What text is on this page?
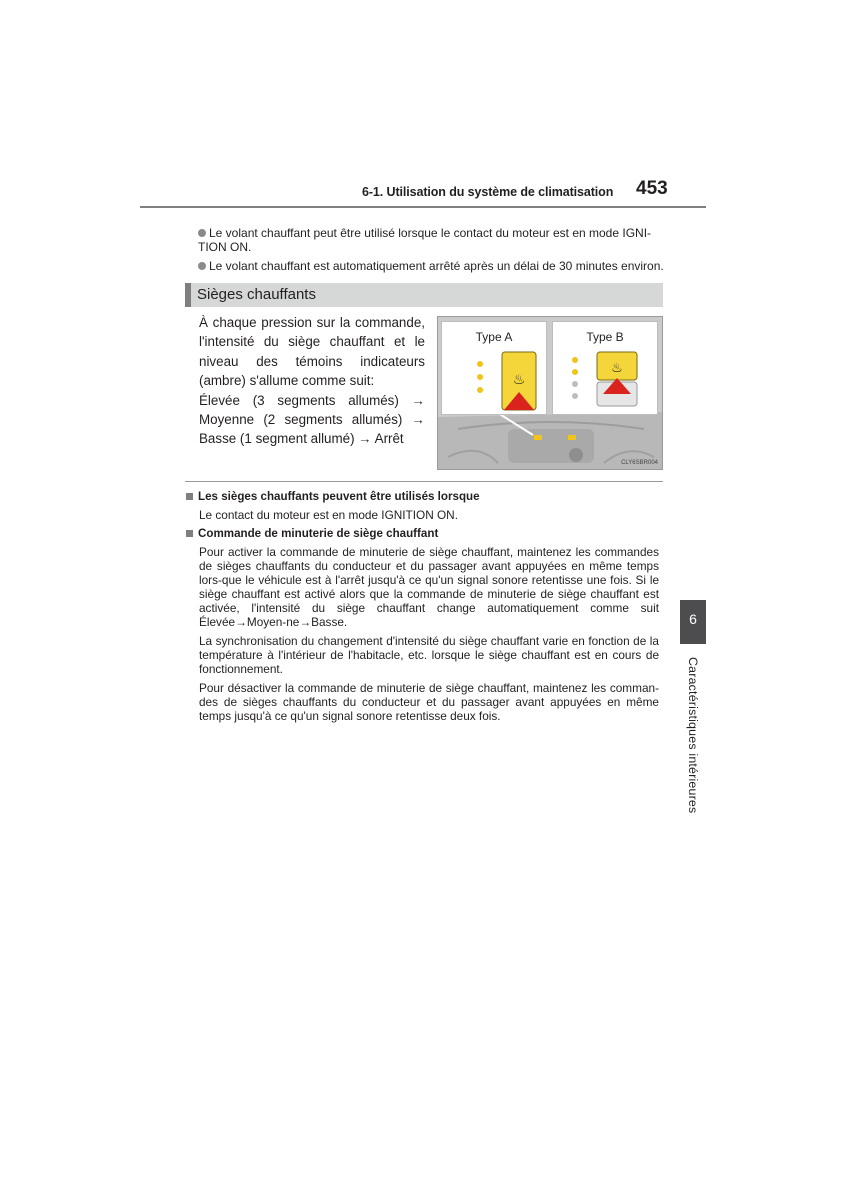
6-1. Utilisation du système de climatisation 453
Le volant chauffant peut être utilisé lorsque le contact du moteur est en mode IGNI-TION ON.
Le volant chauffant est automatiquement arrêté après un délai de 30 minutes environ.
Sièges chauffants

À chaque pression sur la commande, l'intensité du siège chauffant et le niveau des témoins indicateurs (ambre) s'allume comme suit:

Élevée (3 segments allumés) →

Moyenne (2 segments allumés) →

Basse (1 segment allumé) → Arrêt

Type A
♨
Type B
♨
CLY6SBR004
Les sièges chauffants peuvent être utilisés lorsque

Le contact du moteur est en mode IGNITION ON.

Commande de minuterie de siège chauffant

Pour activer la commande de minuterie de siège chauffant, maintenez les commandes de sièges chauffants du conducteur et du passager avant appuyées en même temps lors-que le véhicule est à l'arrêt jusqu'à ce qu'un signal sonore retentisse une fois. Si le siège chauffant est activé alors que la commande de minuterie de siège chauffant est activée, l'intensité du siège chauffant change automatiquement comme suit Élevée→Moyen-ne→Basse.

La synchronisation du changement d'intensité du siège chauffant varie en fonction de la température à l'intérieur de l'habitacle, etc. lorsque le siège chauffant est en cours de fonctionnement.

Pour désactiver la commande de minuterie de siège chauffant, maintenez les comman-des de sièges chauffants du conducteur et du passager avant appuyées en même temps jusqu'à ce qu'un signal sonore retentisse deux fois.

6
Caractéristiques intérieures
